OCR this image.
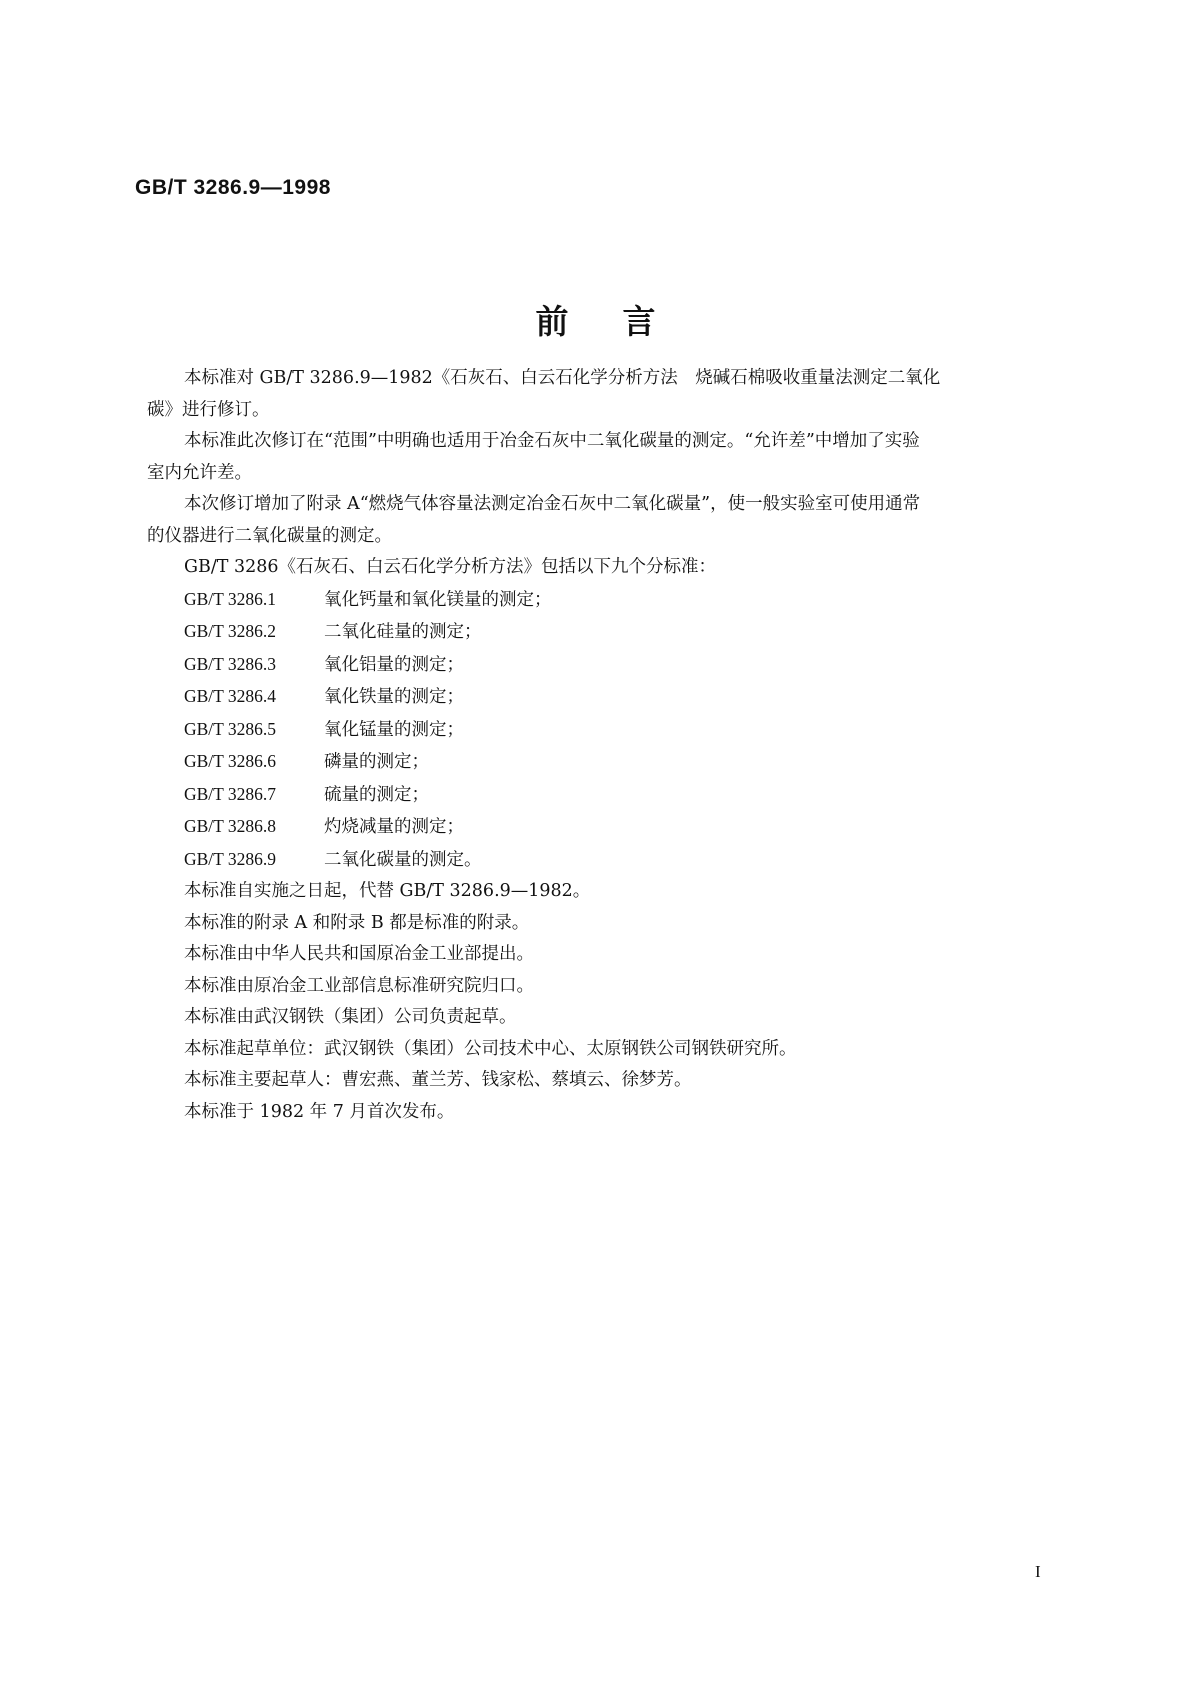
GB/T 3286.9—1998
前言

本标准对 GB/T 3286.9—1982《石灰石、白云石化学分析方法　烧碱石棉吸收重量法测定二氧化
碳》进行修订。

本标准此次修订在“范围”中明确也适用于冶金石灰中二氧化碳量的测定。“允许差”中增加了实验
室内允许差。

本次修订增加了附录 A“燃烧气体容量法测定冶金石灰中二氧化碳量”，使一般实验室可使用通常
的仪器进行二氧化碳量的测定。

GB/T 3286《石灰石、白云石化学分析方法》包括以下九个分标准：

GB/T 3286.1	氧化钙量和氧化镁量的测定；
GB/T 3286.2	二氧化硅量的测定；
GB/T 3286.3	氧化铝量的测定；
GB/T 3286.4	氧化铁量的测定；
GB/T 3286.5	氧化锰量的测定；
GB/T 3286.6	磷量的测定；
GB/T 3286.7	硫量的测定；
GB/T 3286.8	灼烧减量的测定；
GB/T 3286.9	二氧化碳量的测定。

本标准自实施之日起，代替 GB/T 3286.9—1982。

本标准的附录 A 和附录 B 都是标准的附录。

本标准由中华人民共和国原冶金工业部提出。

本标准由原冶金工业部信息标准研究院归口。

本标准由武汉钢铁（集团）公司负责起草。

本标准起草单位：武汉钢铁（集团）公司技术中心、太原钢铁公司钢铁研究所。

本标准主要起草人：曹宏燕、董兰芳、钱家松、蔡填云、徐梦芳。

本标准于 1982 年 7 月首次发布。

I
